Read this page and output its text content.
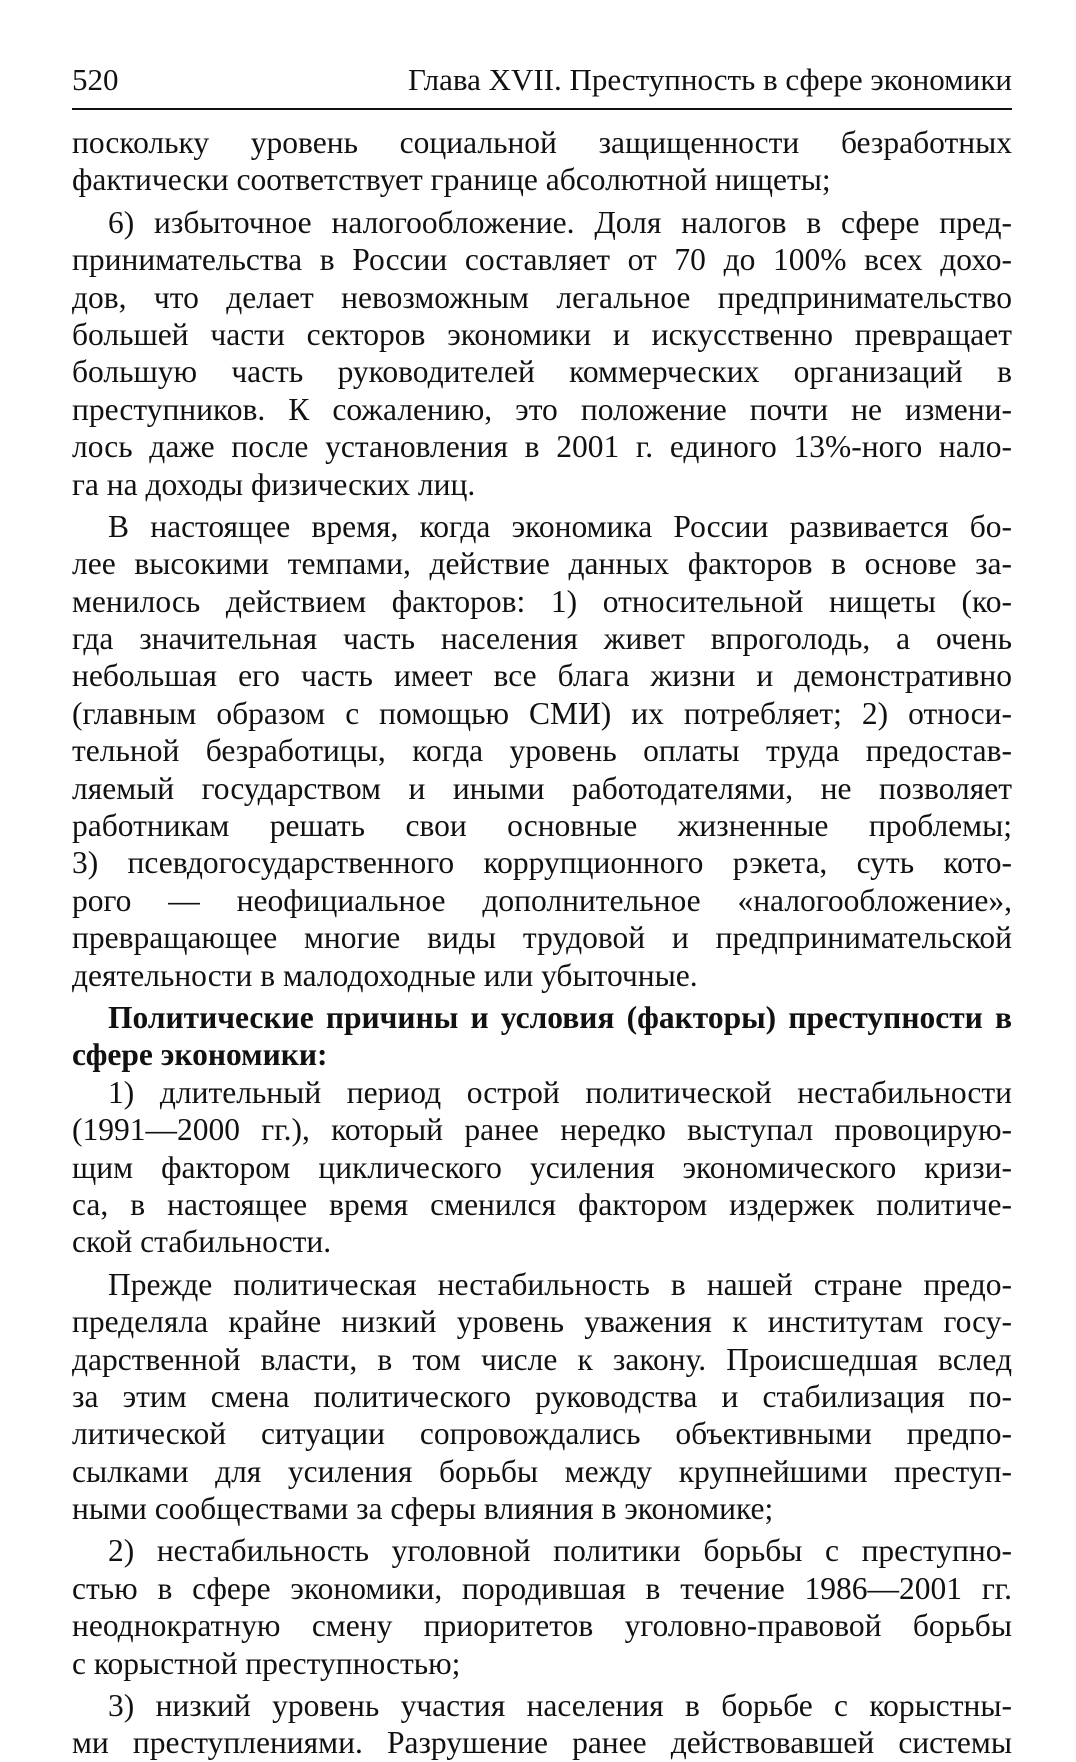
520	Глава XVII. Преступность в сфере экономики
поскольку уровень социальной защищенности безработных
фактически соответствует границе абсолютной нищеты;
6) избыточное налогообложение. Доля налогов в сфере пред-
принимательства в России составляет от 70 до 100% всех дохо-
дов, что делает невозможным легальное предпринимательство
большей части секторов экономики и искусственно превращает
большую часть руководителей коммерческих организаций в
преступников. К сожалению, это положение почти не измени-
лось даже после установления в 2001 г. единого 13%-ного нало-
га на доходы физических лиц.
В настоящее время, когда экономика России развивается бо-
лее высокими темпами, действие данных факторов в основе за-
менилось действием факторов: 1) относительной нищеты (ко-
гда значительная часть населения живет впроголодь, а очень
небольшая его часть имеет все блага жизни и демонстративно
(главным образом с помощью СМИ) их потребляет; 2) относи-
тельной безработицы, когда уровень оплаты труда предостав-
ляемый государством и иными работодателями, не позволяет
работникам решать свои основные жизненные проблемы;
3) псевдогосударственного коррупционного рэкета, суть кото-
рого — неофициальное дополнительное «налогообложение»,
превращающее многие виды трудовой и предпринимательской
деятельности в малодоходные или убыточные.
Политические причины и условия (факторы) преступности в
сфере экономики:
1) длительный период острой политической нестабильности
(1991—2000 гг.), который ранее нередко выступал провоцирую-
щим фактором циклического усиления экономического кризи-
са, в настоящее время сменился фактором издержек политиче-
ской стабильности.
Прежде политическая нестабильность в нашей стране предо-
пределяла крайне низкий уровень уважения к институтам госу-
дарственной власти, в том числе к закону. Происшедшая вслед
за этим смена политического руководства и стабилизация по-
литической ситуации сопровождались объективными предпо-
сылками для усиления борьбы между крупнейшими преступ-
ными сообществами за сферы влияния в экономике;
2) нестабильность уголовной политики борьбы с преступно-
стью в сфере экономики, породившая в течение 1986—2001 гг.
неоднократную смену приоритетов уголовно-правовой борьбы
с корыстной преступностью;
3) низкий уровень участия населения в борьбе с корыстны-
ми преступлениями. Разрушение ранее действовавшей системы
